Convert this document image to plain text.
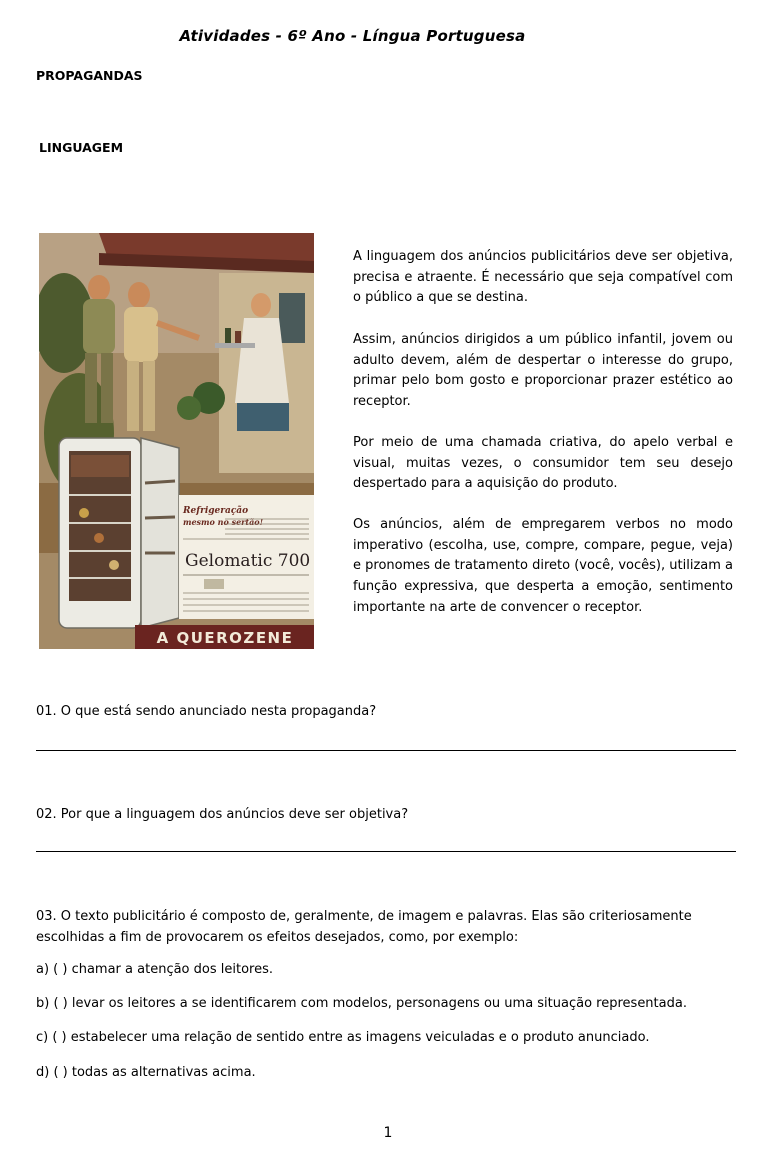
Atividades - 6º Ano - Língua Portuguesa
PROPAGANDAS
LINGUAGEM
Refrigeração
mesmo no sertão!
Gelomatic 700
A QUEROZENE
A linguagem dos anúncios publicitários deve ser objetiva, precisa e atraente. É necessário que seja compatível com o público a que se destina.
Assim, anúncios dirigidos a um público infantil, jovem ou adulto devem, além de despertar o interesse do grupo, primar pelo bom gosto e proporcionar prazer estético ao receptor.
Por meio de uma chamada criativa, do apelo verbal e visual, muitas vezes, o consumidor tem seu desejo despertado para a aquisição do produto.
Os anúncios, além de empregarem verbos no modo imperativo (escolha, use, compre, compare, pegue, veja) e pronomes de tratamento direto (você, vocês), utilizam a função expressiva, que desperta a emoção, sentimento importante na arte de convencer o receptor.
01. O que está sendo anunciado nesta propaganda?
02. Por que a linguagem dos anúncios deve ser objetiva?
03. O texto publicitário é composto de, geralmente, de imagem e palavras. Elas são criteriosamente escolhidas a fim de provocarem os efeitos desejados, como, por exemplo:
a) ( ) chamar a atenção dos leitores.
b) ( ) levar os leitores a se identificarem com modelos, personagens ou uma situação representada.
c) ( ) estabelecer uma relação de sentido entre as imagens veiculadas e o produto anunciado.
d) ( ) todas as alternativas acima.
1
